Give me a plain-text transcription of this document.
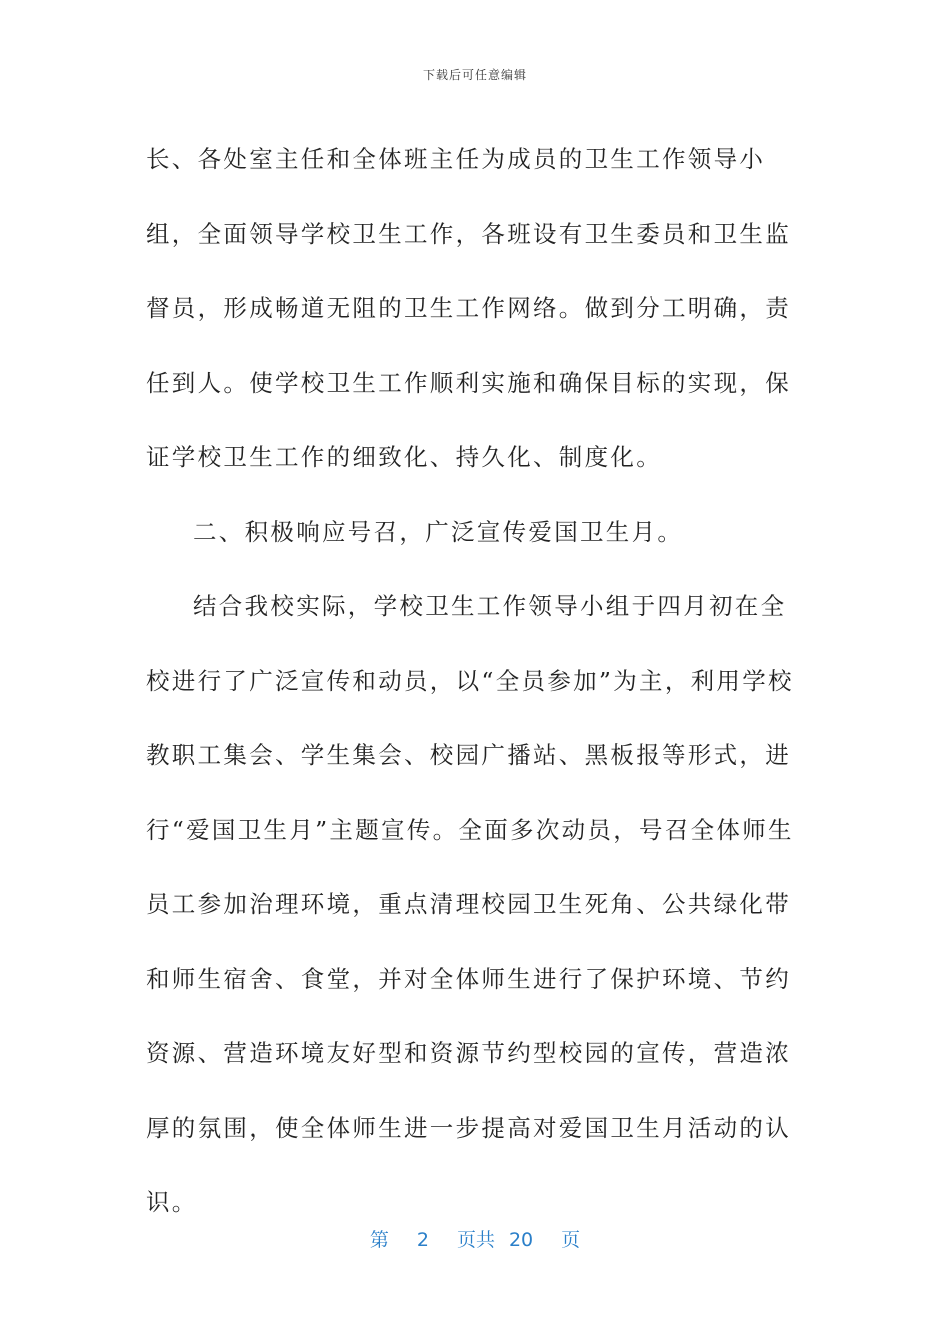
下载后可任意编辑

长、各处室主任和全体班主任为成员的卫生工作领导小组，全面领导学校卫生工作，各班设有卫生委员和卫生监督员，形成畅道无阻的卫生工作网络。做到分工明确，责任到人。使学校卫生工作顺利实施和确保目标的实现，保证学校卫生工作的细致化、持久化、制度化。

二、积极响应号召，广泛宣传爱国卫生月。

结合我校实际，学校卫生工作领导小组于四月初在全校进行了广泛宣传和动员，以“全员参加”为主，利用学校教职工集会、学生集会、校园广播站、黑板报等形式，进行“爱国卫生月”主题宣传。全面多次动员，号召全体师生员工参加治理环境，重点清理校园卫生死角、公共绿化带和师生宿舍、食堂，并对全体师生进行了保护环境、节约资源、营造环境友好型和资源节约型校园的宣传，营造浓厚的氛围，使全体师生进一步提高对爱国卫生月活动的认识。

第 2 页共 20 页
